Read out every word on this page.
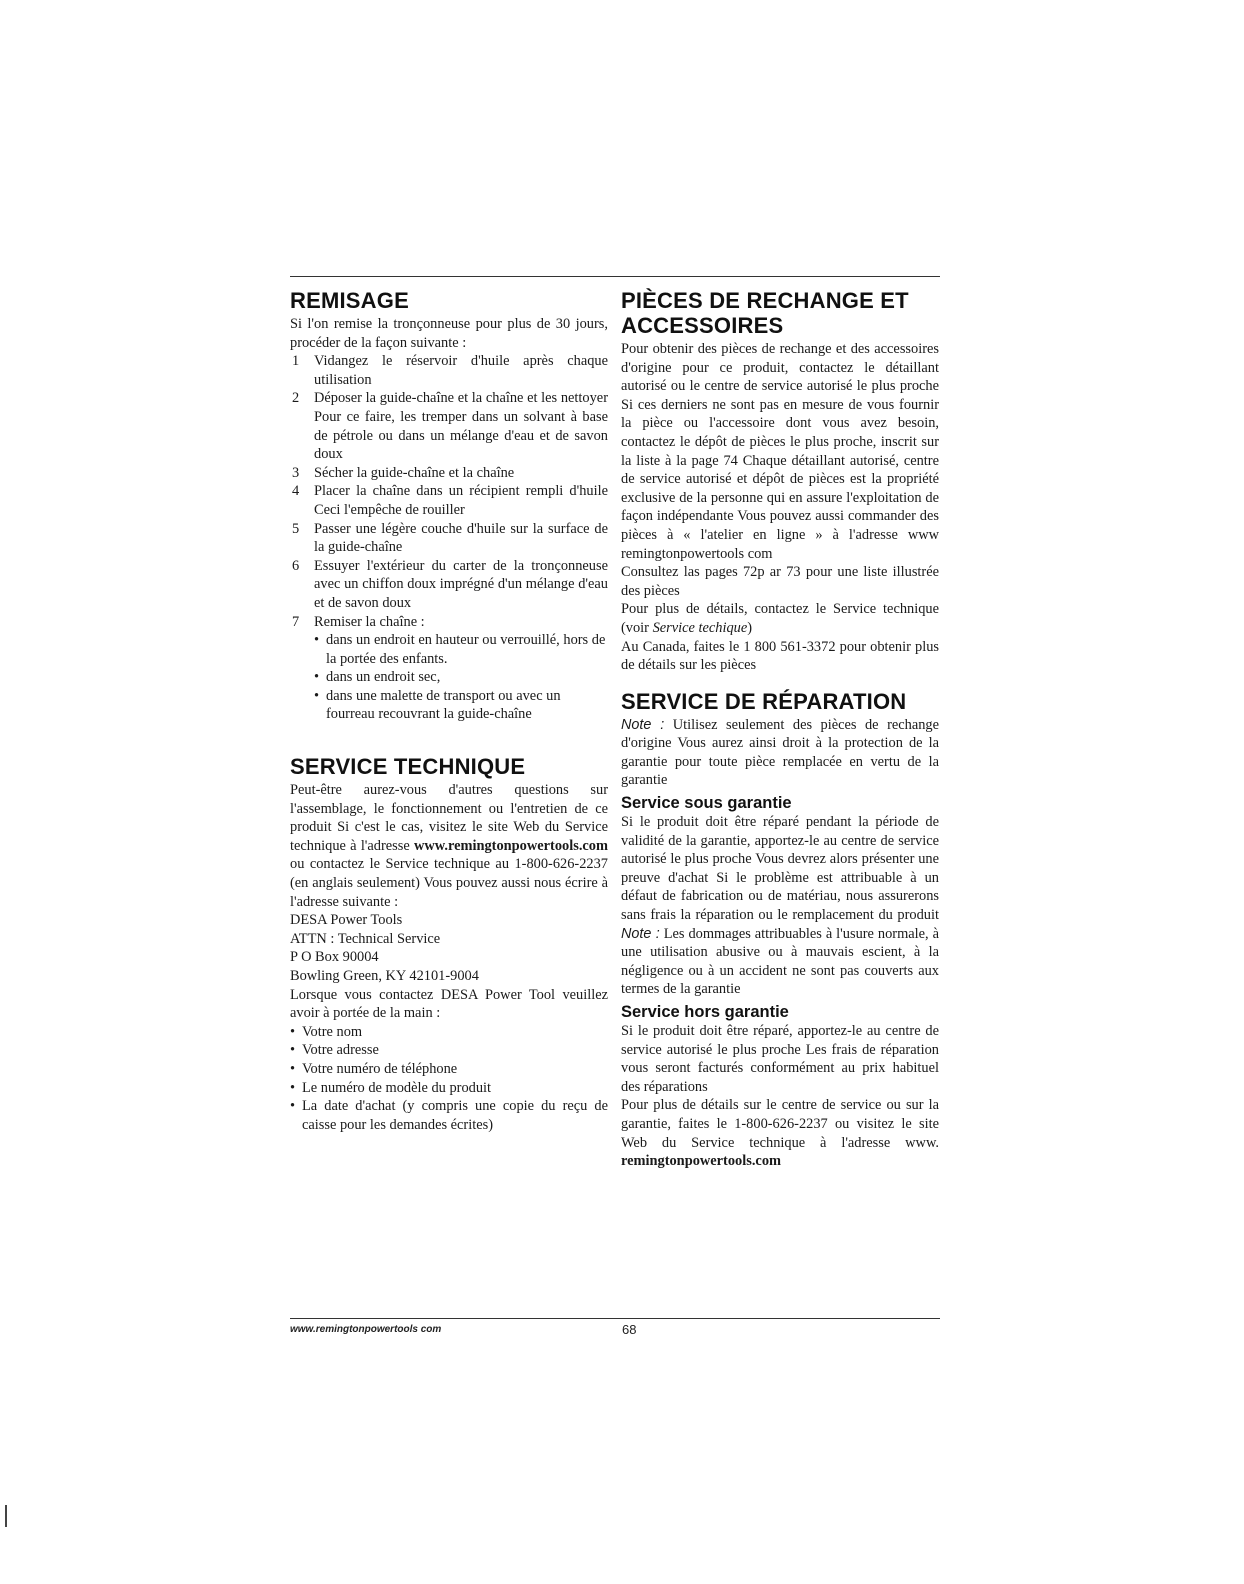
REMISAGE

Si l'on remise la tronçonneuse pour plus de 30 jours, procéder de la façon suivante :

1	Vidangez le réservoir d'huile après chaque utilisation
2	Déposer la guide-chaîne et la chaîne et les nettoyer Pour ce faire, les tremper dans un solvant à base de pétrole ou dans un mélange d'eau et de savon doux
3	Sécher la guide-chaîne et la chaîne
4	Placer la chaîne dans un récipient rempli d'huile Ceci l'empêche de rouiller
5	Passer une légère couche d'huile sur la surface de la guide-chaîne
6	Essuyer l'extérieur du carter de la tronçonneuse avec un chiffon doux imprégné d'un mélange d'eau et de savon doux
7	Remiser la chaîne :
• dans un endroit en hauteur ou verrouillé, hors de la portée des enfants.
• dans un endroit sec,
• dans une malette de transport ou avec un fourreau recouvrant la guide-chaîne
SERVICE TECHNIQUE

Peut-être aurez-vous d'autres questions sur l'assemblage, le fonctionnement ou l'entretien de ce produit Si c'est le cas, visitez le site Web du Service technique à l'adresse www.remingtonpowertools.com ou contactez le Service technique au 1-800-626-2237 (en anglais seulement) Vous pouvez aussi nous écrire à l'adresse suivante :

DESA Power Tools
ATTN : Technical Service
P O Box 90004
Bowling Green, KY 42101-9004

Lorsque vous contactez DESA Power Tool veuillez avoir à portée de la main :

• Votre nom
• Votre adresse
• Votre numéro de téléphone
• Le numéro de modèle du produit
• La date d'achat (y compris une copie du reçu de caisse pour les demandes écrites)
PIÈCES DE RECHANGE ET ACCESSOIRES

Pour obtenir des pièces de rechange et des accessoires d'origine pour ce produit, contactez le détaillant autorisé ou le centre de service autorisé le plus proche Si ces derniers ne sont pas en mesure de vous fournir la pièce ou l'accessoire dont vous avez besoin, contactez le dépôt de pièces le plus proche, inscrit sur la liste à la page 74 Chaque détaillant autorisé, centre de service autorisé et dépôt de pièces est la propriété exclusive de la personne qui en assure l'exploitation de façon indépendante Vous pouvez aussi commander des pièces à « l'atelier en ligne » à l'adresse www remingtonpowertools com

Consultez las pages 72p ar 73 pour une liste illustrée des pièces

Pour plus de détails, contactez le Service technique (voir Service techique)

Au Canada, faites le 1 800 561-3372 pour obtenir plus de détails sur les pièces

SERVICE DE RÉPARATION

Note : Utilisez seulement des pièces de rechange d'origine Vous aurez ainsi droit à la protection de la garantie pour toute pièce remplacée en vertu de la garantie

Service sous garantie

Si le produit doit être réparé pendant la période de validité de la garantie, apportez-le au centre de service autorisé le plus proche Vous devrez alors présenter une preuve d'achat Si le problème est attribuable à un défaut de fabrication ou de matériau, nous assurerons sans frais la réparation ou le remplacement du produit Note : Les dommages attribuables à l'usure normale, à une utilisation abusive ou à mauvais escient, à la négligence ou à un accident ne sont pas couverts aux termes de la garantie

Service hors garantie

Si le produit doit être réparé, apportez-le au centre de service autorisé le plus proche Les frais de réparation vous seront facturés conformément au prix habituel des réparations

Pour plus de détails sur le centre de service ou sur la garantie, faites le 1-800-626-2237 ou visitez le site Web du Service technique à l'adresse www. remingtonpowertools.com

www.remingtonpowertools com	68
